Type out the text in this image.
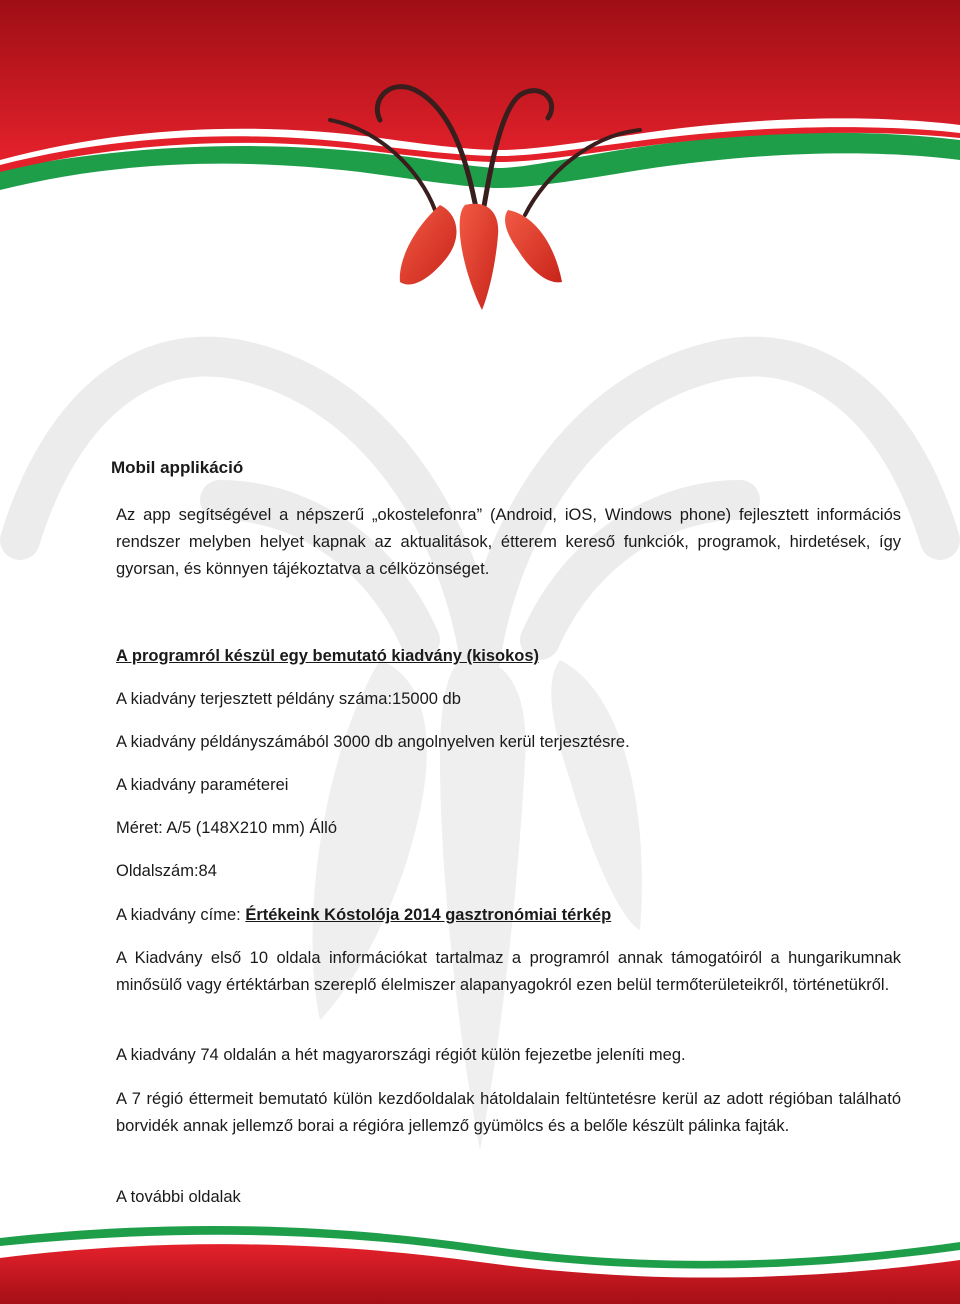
Mobil applikáció

Az app segítségével a népszerű „okostelefonra” (Android, iOS, Windows phone) fejlesztett információs rendszer melyben helyet kapnak az aktualitások, étterem kereső funkciók, programok, hirdetések, így gyorsan, és könnyen tájékoztatva a célközönséget.

A programról készül egy bemutató kiadvány (kisokos)

A kiadvány terjesztett példány száma:15000 db

A kiadvány példányszámából 3000 db angolnyelven kerül terjesztésre.

A kiadvány paraméterei

Méret: A/5 (148X210 mm) Álló

Oldalszám:84

A kiadvány címe: Értékeink Kóstolója 2014 gasztronómiai térkép

A Kiadvány első 10 oldala információkat tartalmaz a programról annak támogatóiról a hungarikumnak minősülő vagy értéktárban szereplő élelmiszer alapanyagokról ezen belül termőterületeikről, történetükről.

A kiadvány 74 oldalán a hét magyarországi régiót külön fejezetbe jeleníti meg.

A 7 régió éttermeit bemutató külön kezdőoldalak hátoldalain feltüntetésre kerül az adott régióban található borvidék annak jellemző borai a régióra jellemző gyümölcs és a belőle készült pálinka fajták.

A további oldalak
